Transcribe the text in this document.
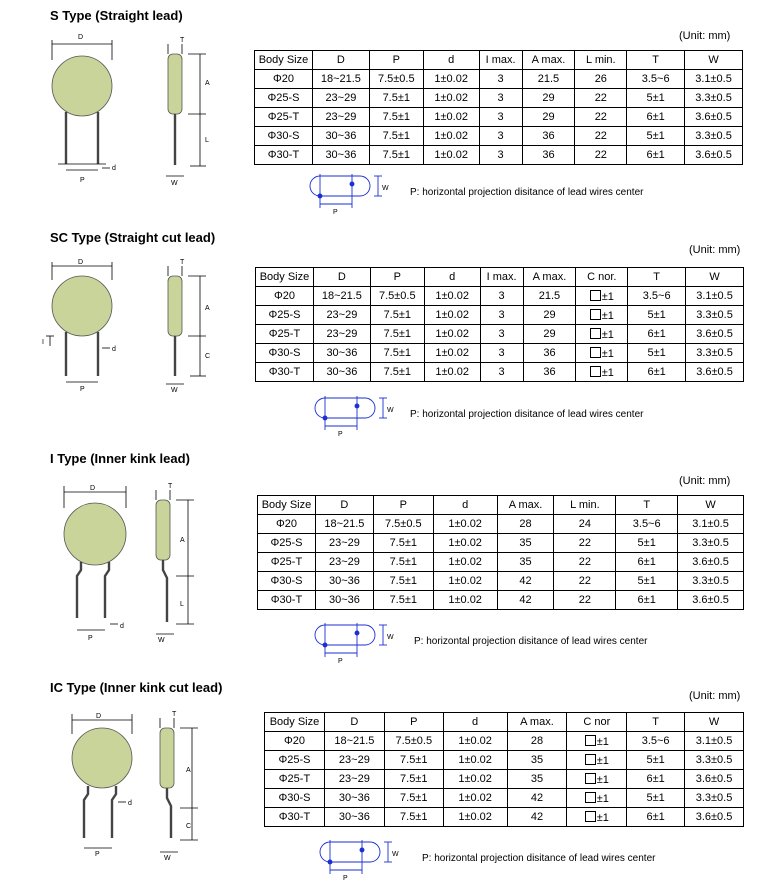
S Type (Straight lead)
(Unit: mm)
D	T
A
L
P
d
W
Body Size	D	P	d	I max.	A max.	L min.	T	W
Φ20	18~21.5	7.5±0.5	1±0.02	3	21.5	26	3.5~6	3.1±0.5
Φ25-S	23~29	7.5±1	1±0.02	3	29	22	5±1	3.3±0.5
Φ25-T	23~29	7.5±1	1±0.02	3	29	22	6±1	3.6±0.5
Φ30-S	30~36	7.5±1	1±0.02	3	36	22	5±1	3.3±0.5
Φ30-T	30~36	7.5±1	1±0.02	3	36	22	6±1	3.6±0.5
W
P
P: horizontal projection disitance of lead wires center
SC Type (Straight cut lead)
(Unit: mm)
D	T
A
C
P
d
W
I
Body Size	D	P	d	I max.	A max.	C nor.	T	W
Φ20	18~21.5	7.5±0.5	1±0.02	3	21.5	±1	3.5~6	3.1±0.5
Φ25-S	23~29	7.5±1	1±0.02	3	29	±1	5±1	3.3±0.5
Φ25-T	23~29	7.5±1	1±0.02	3	29	±1	6±1	3.6±0.5
Φ30-S	30~36	7.5±1	1±0.02	3	36	±1	5±1	3.3±0.5
Φ30-T	30~36	7.5±1	1±0.02	3	36	±1	6±1	3.6±0.5
W
P
P: horizontal projection disitance of lead wires center
I Type (Inner kink lead)
(Unit: mm)
D	T
A
L
P
d
W
Body Size	D	P	d	A max.	L min.	T	W
Φ20	18~21.5	7.5±0.5	1±0.02	28	24	3.5~6	3.1±0.5
Φ25-S	23~29	7.5±1	1±0.02	35	22	5±1	3.3±0.5
Φ25-T	23~29	7.5±1	1±0.02	35	22	6±1	3.6±0.5
Φ30-S	30~36	7.5±1	1±0.02	42	22	5±1	3.3±0.5
Φ30-T	30~36	7.5±1	1±0.02	42	22	6±1	3.6±0.5
W
P
P: horizontal projection disitance of lead wires center
IC Type (Inner kink cut lead)
(Unit: mm)
D	T
A
C
P
d
W
Body Size	D	P	d	A max.	C nor	T	W
Φ20	18~21.5	7.5±0.5	1±0.02	28	±1	3.5~6	3.1±0.5
Φ25-S	23~29	7.5±1	1±0.02	35	±1	5±1	3.3±0.5
Φ25-T	23~29	7.5±1	1±0.02	35	±1	6±1	3.6±0.5
Φ30-S	30~36	7.5±1	1±0.02	42	±1	5±1	3.3±0.5
Φ30-T	30~36	7.5±1	1±0.02	42	±1	6±1	3.6±0.5
W
P
P: horizontal projection disitance of lead wires center
